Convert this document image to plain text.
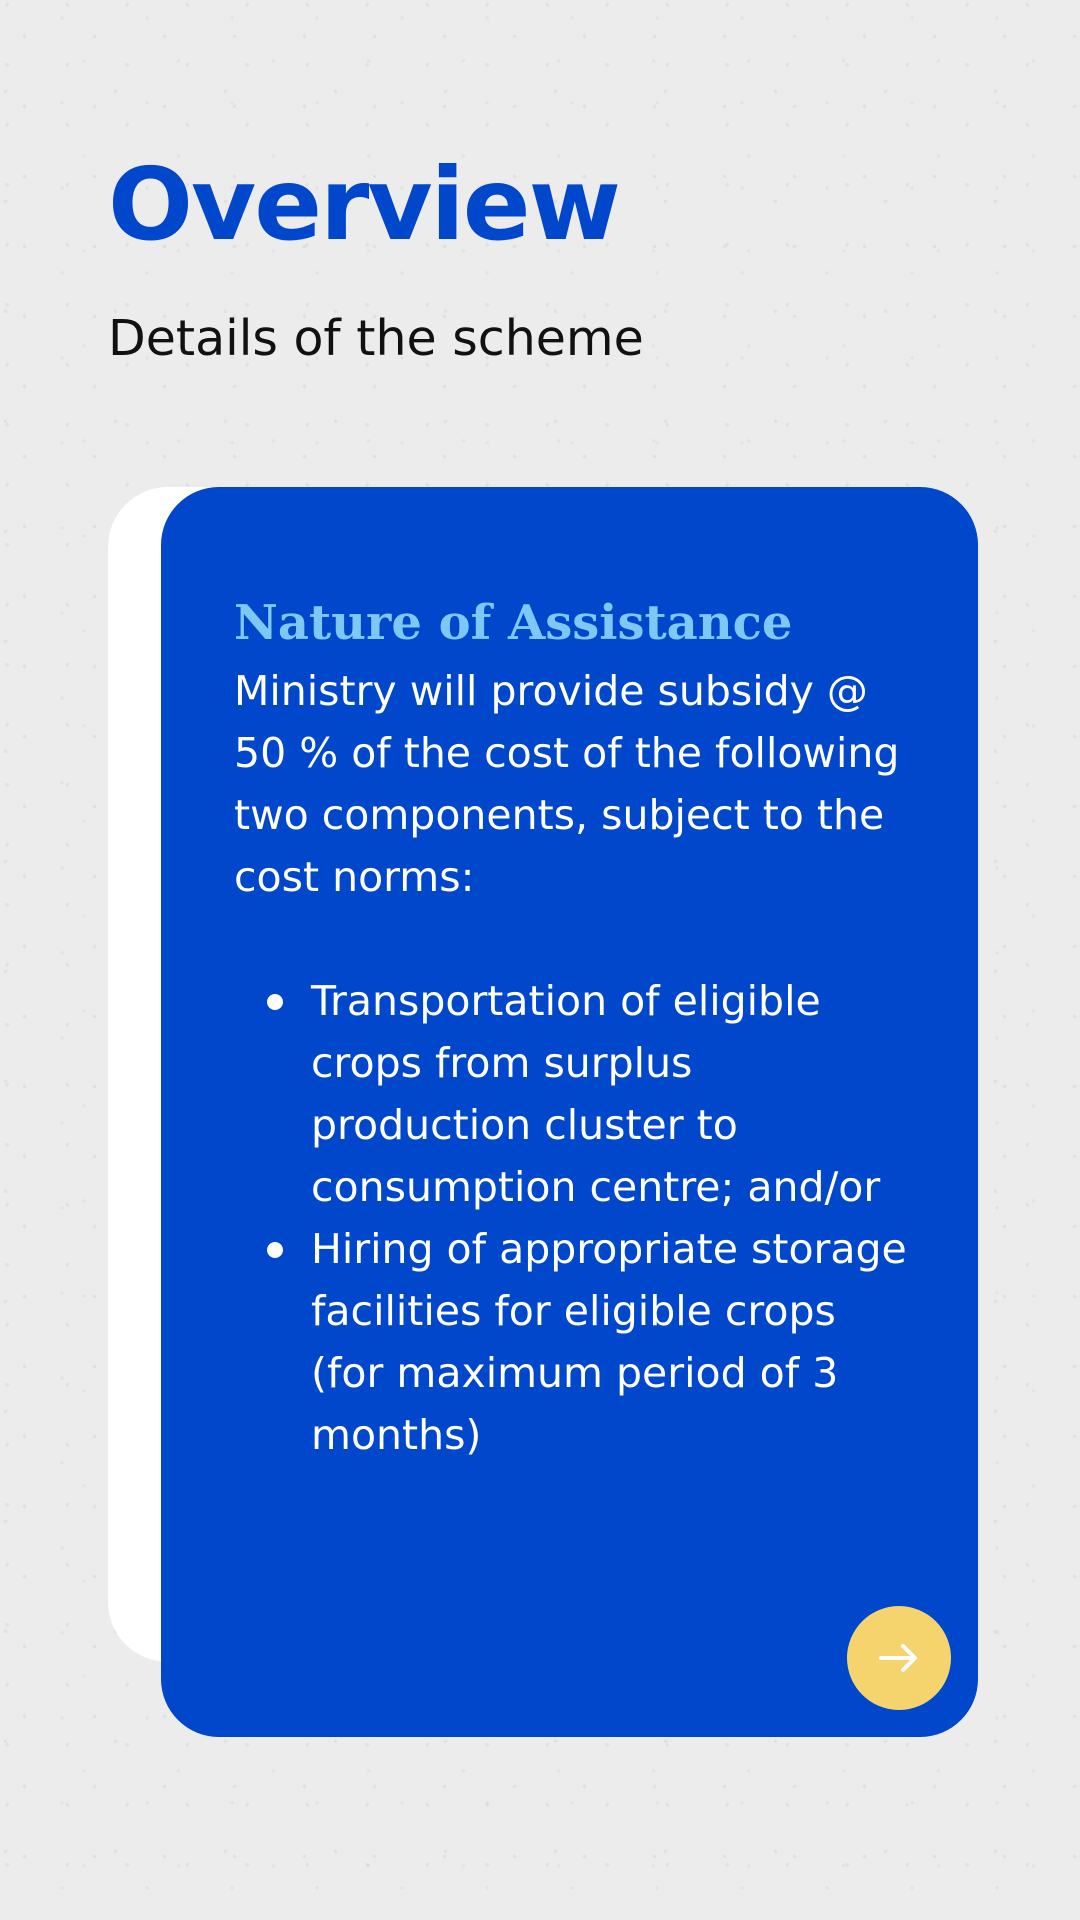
Overview

Details of the scheme

Nature of Assistance

Ministry will provide subsidy @ 50 % of the cost of the following two components, subject to the cost norms:

Transportation of eligible crops from surplus production cluster to consumption centre; and/or
Hiring of appropriate storage facilities for eligible crops (for maximum period of 3 months)
